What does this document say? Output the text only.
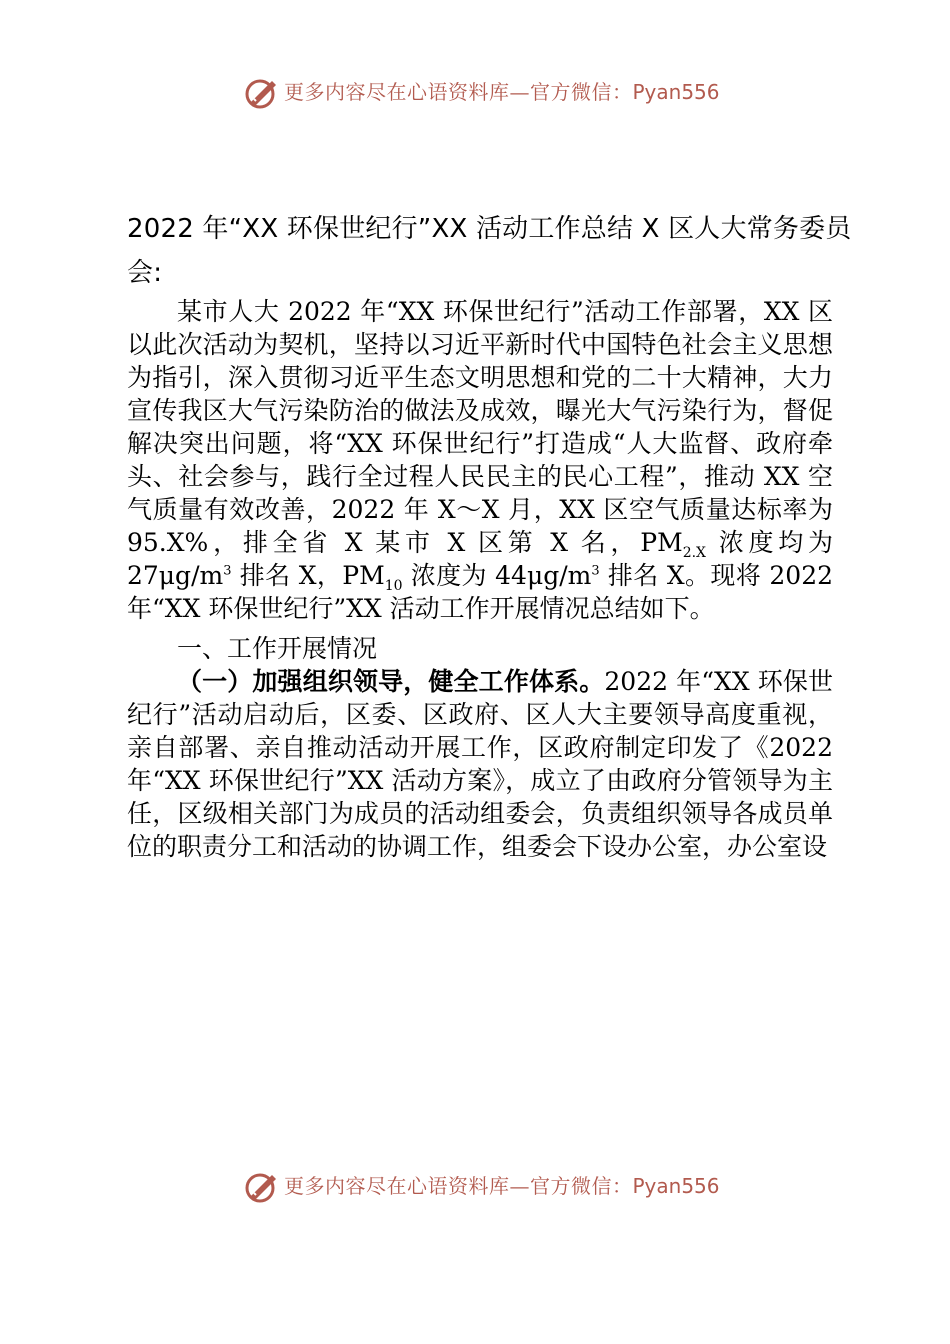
更多内容尽在心语资料库—官方微信：Pyan556
2022 年“XX 环保世纪行”XX 活动工作总结 X 区人大常务委员会:

某市人大 2022 年“XX 环保世纪行”活动工作部署，XX 区以此次活动为契机，坚持以习近平新时代中国特色社会主义思想为指引，深入贯彻习近平生态文明思想和党的二十大精神，大力宣传我区大气污染防治的做法及成效，曝光大气污染行为，督促解决突出问题，将“XX 环保世纪行”打造成“人大监督、政府牵头、社会参与，践行全过程人民民主的民心工程”，推动 XX 空气质量有效改善，2022 年 X～X 月，XX 区空气质量达标率为 95.X%，排全省 X 某市 X 区第 X 名，$PM_{2.X}$ 浓度均为 $27\mu g/m^3$ 排名 X，$PM_{10}$ 浓度为 $44\mu g/m^3$ 排名 X。现将 2022 年“XX 环保世纪行”XX 活动工作开展情况总结如下。

一、工作开展情况

（一）加强组织领导，健全工作体系。2022 年“XX 环保世纪行”活动启动后，区委、区政府、区人大主要领导高度重视，亲自部署、亲自推动活动开展工作，区政府制定印发了《2022 年“XX 环保世纪行”XX 活动方案》，成立了由政府分管领导为主任，区级相关部门为成员的活动组委会，负责组织领导各成员单位的职责分工和活动的协调工作，组委会下设办公室，办公室设

更多内容尽在心语资料库—官方微信：Pyan556
